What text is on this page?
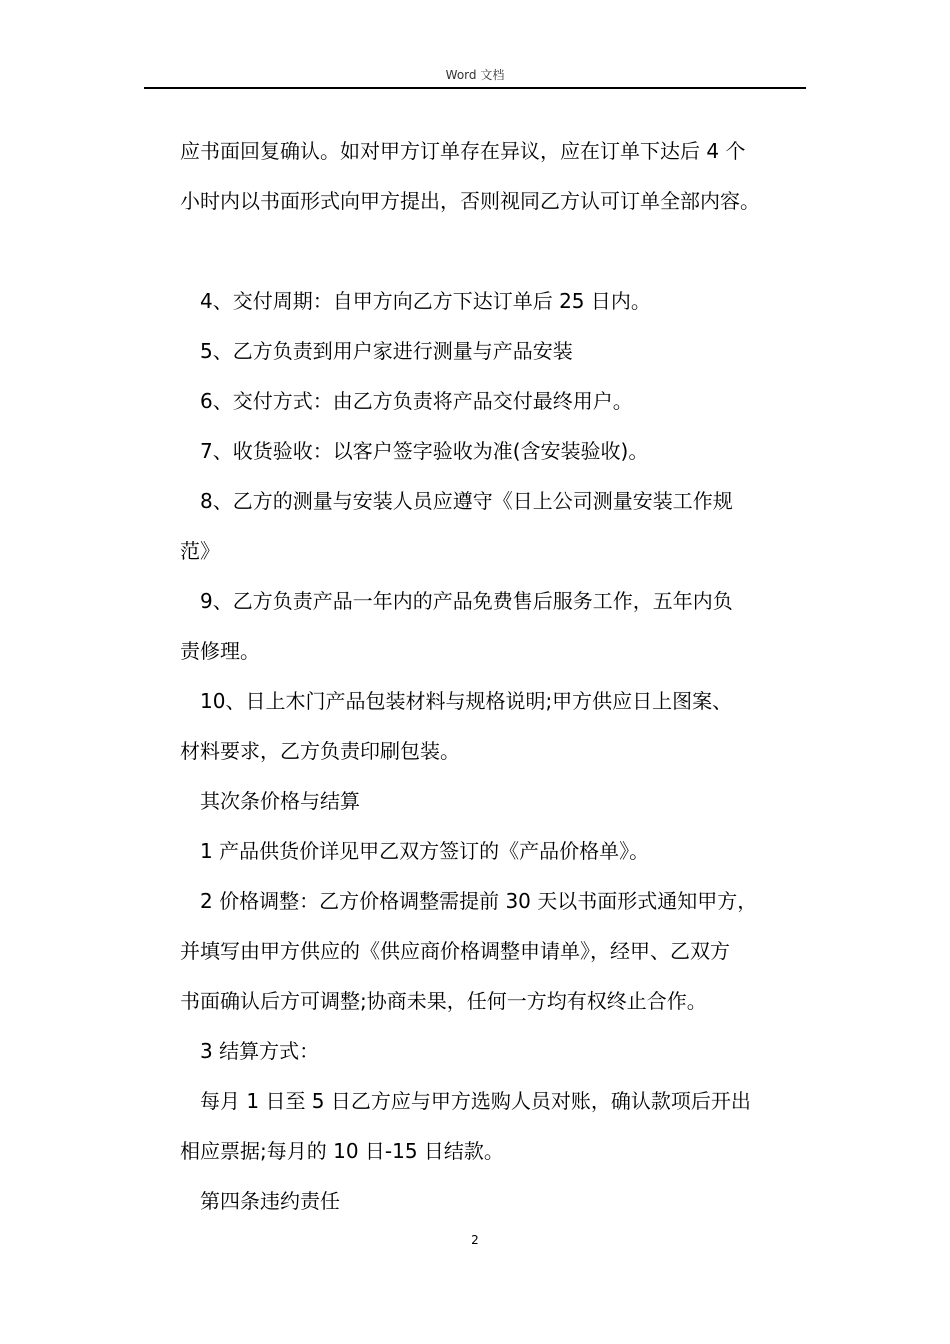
Word 文档
应书面回复确认。如对甲方订单存在异议，应在订单下达后 4 个
小时内以书面形式向甲方提出，否则视同乙方认可订单全部内容。
4、交付周期：自甲方向乙方下达订单后 25 日内。
5、乙方负责到用户家进行测量与产品安装
6、交付方式：由乙方负责将产品交付最终用户。
7、收货验收：以客户签字验收为准(含安装验收)。
8、乙方的测量与安装人员应遵守《日上公司测量安装工作规
范》
9、乙方负责产品一年内的产品免费售后服务工作，五年内负
责修理。
10、日上木门产品包装材料与规格说明;甲方供应日上图案、
材料要求，乙方负责印刷包装。
其次条价格与结算
1 产品供货价详见甲乙双方签订的《产品价格单》。
2 价格调整：乙方价格调整需提前 30 天以书面形式通知甲方，
并填写由甲方供应的《供应商价格调整申请单》，经甲、乙双方
书面确认后方可调整;协商未果，任何一方均有权终止合作。
3 结算方式：
每月 1 日至 5 日乙方应与甲方选购人员对账，确认款项后开出
相应票据;每月的 10 日-15 日结款。
第四条违约责任
2
